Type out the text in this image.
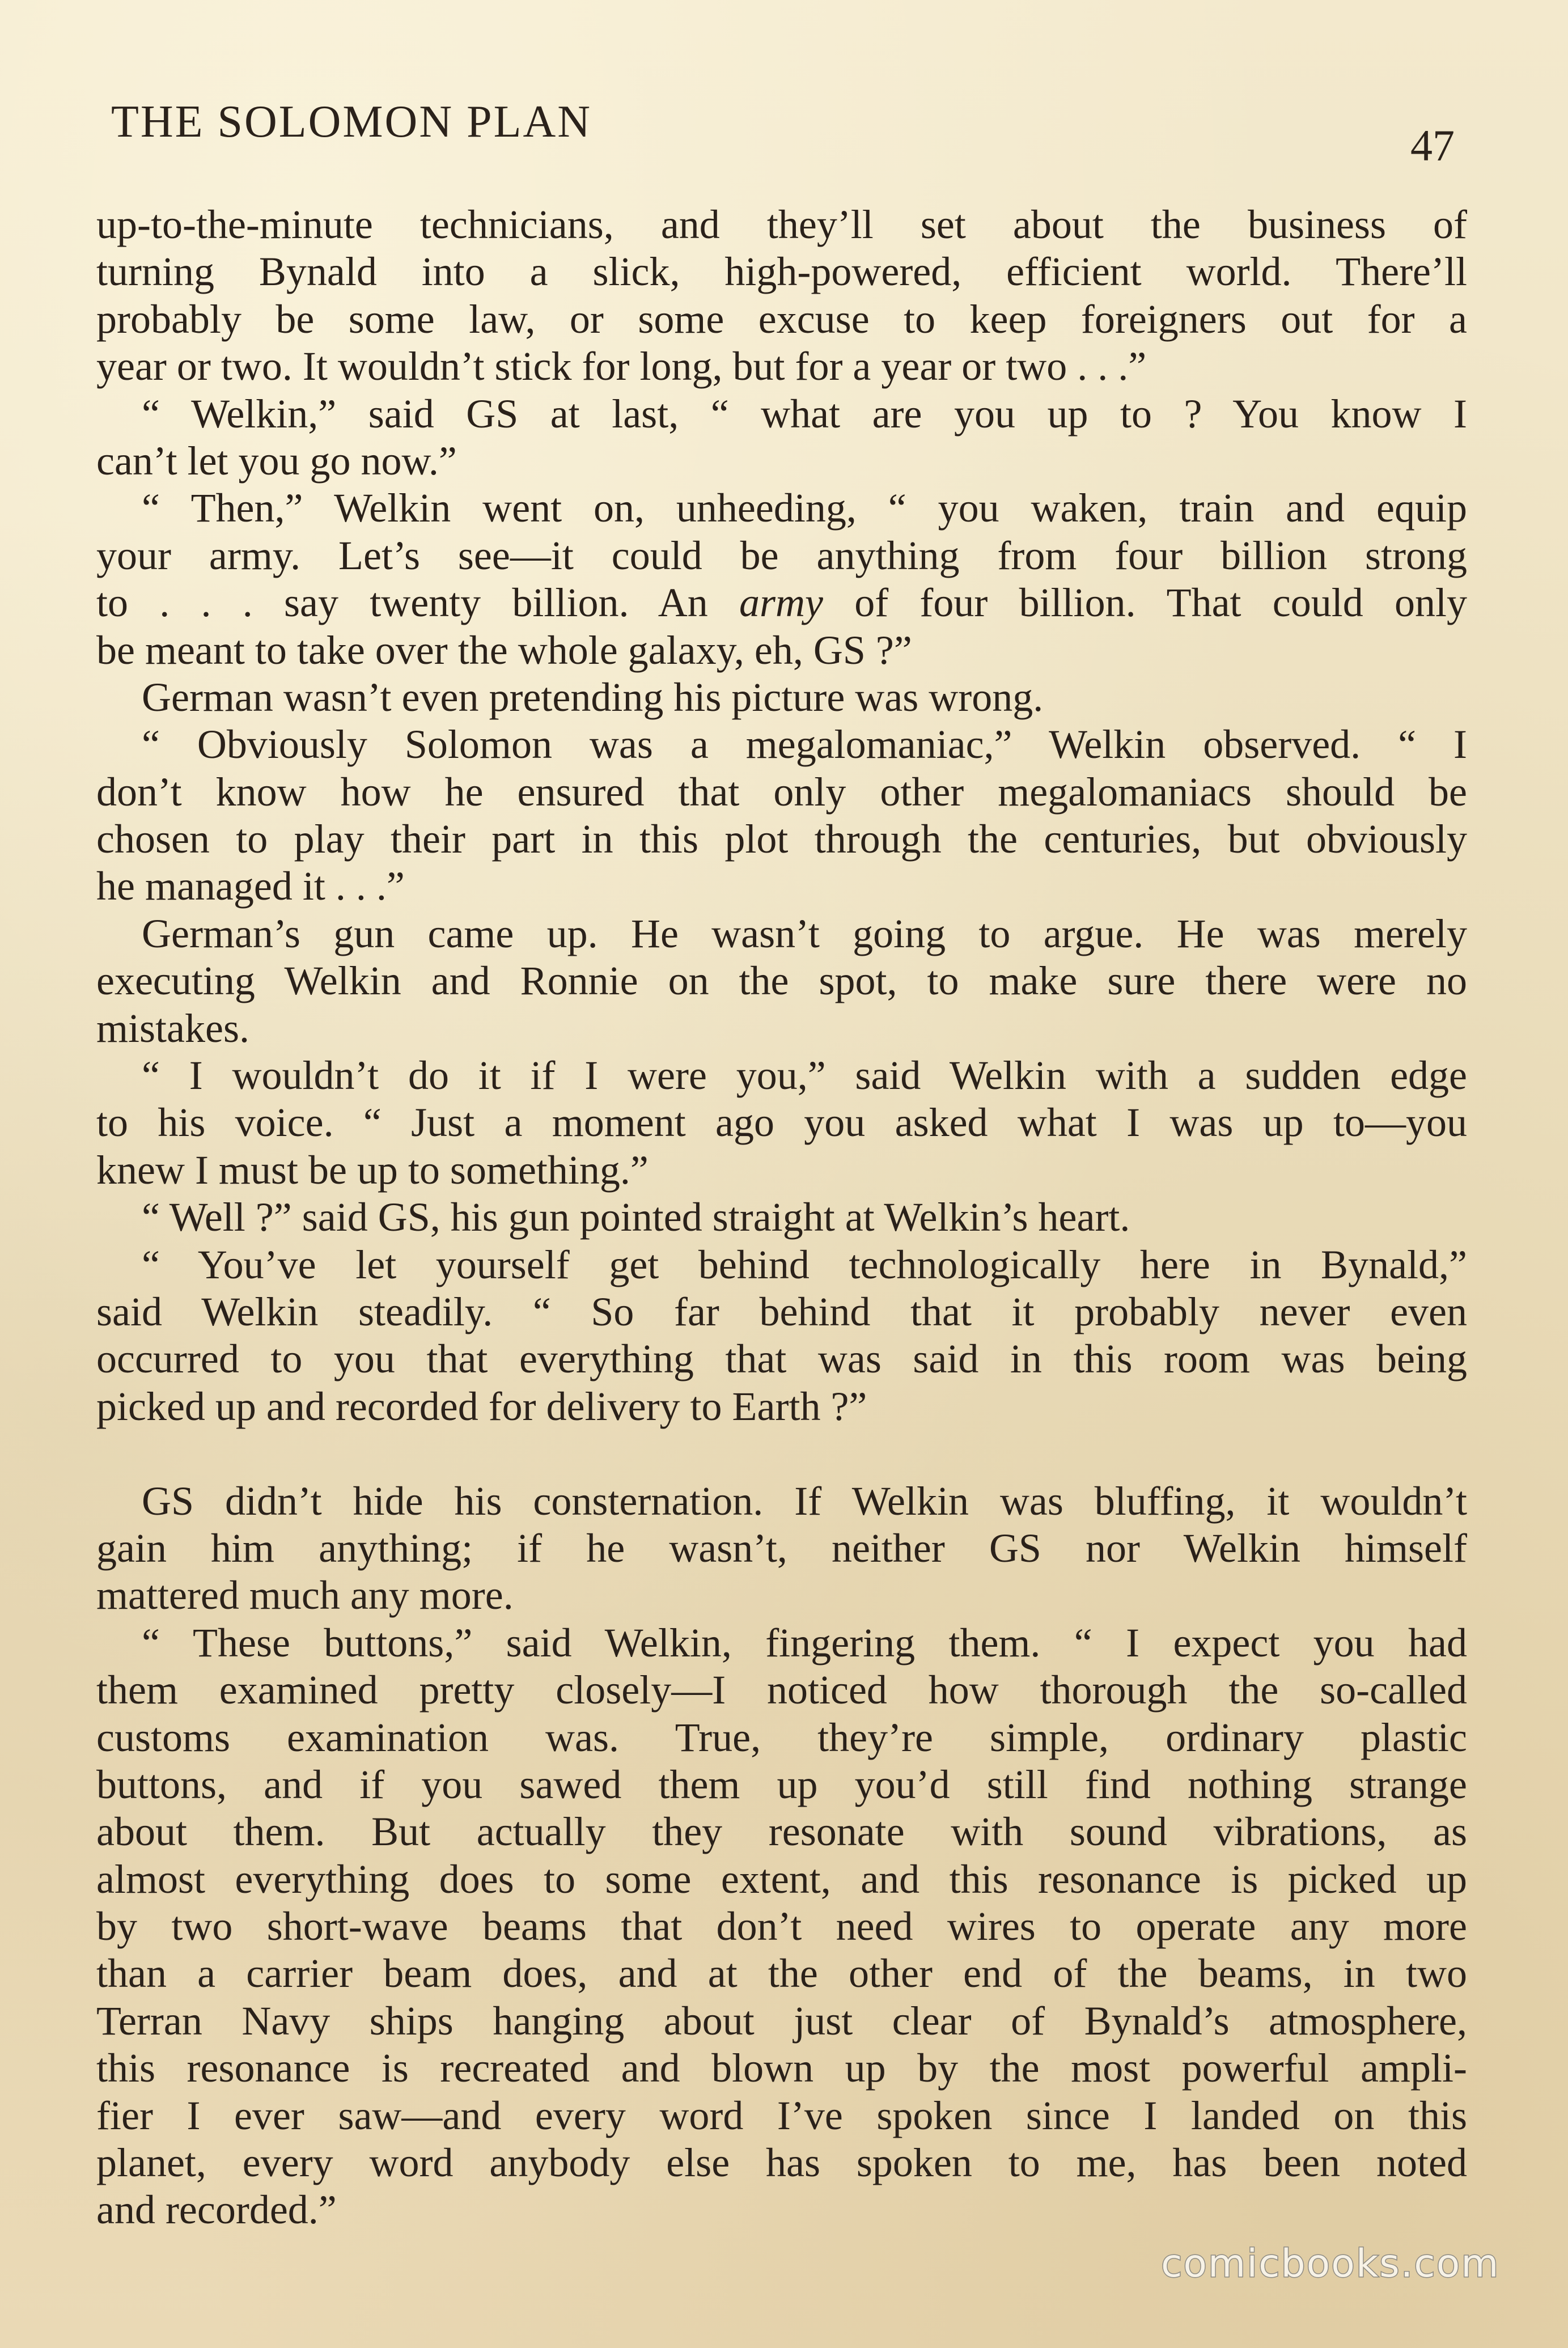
THE SOLOMON PLAN	47
up-to-the-minute technicians, and they’ll set about the business of
turning Bynald into a slick, high-powered, efficient world. There’ll
probably be some law, or some excuse to keep foreigners out for a
year or two. It wouldn’t stick for long, but for a year or two . . .”
“ Welkin,” said GS at last, “ what are you up to ? You know I
can’t let you go now.”
“ Then,” Welkin went on, unheeding, “ you waken, train and equip
your army. Let’s see—it could be anything from four billion strong
to . . . say twenty billion. An army of four billion. That could only
be meant to take over the whole galaxy, eh, GS ?”
German wasn’t even pretending his picture was wrong.
“ Obviously Solomon was a megalomaniac,” Welkin observed. “ I
don’t know how he ensured that only other megalomaniacs should be
chosen to play their part in this plot through the centuries, but obviously
he managed it . . .”
German’s gun came up. He wasn’t going to argue. He was merely
executing Welkin and Ronnie on the spot, to make sure there were no
mistakes.
“ I wouldn’t do it if I were you,” said Welkin with a sudden edge
to his voice. “ Just a moment ago you asked what I was up to—you
knew I must be up to something.”
“ Well ?” said GS, his gun pointed straight at Welkin’s heart.
“ You’ve let yourself get behind technologically here in Bynald,”
said Welkin steadily. “ So far behind that it probably never even
occurred to you that everything that was said in this room was being
picked up and recorded for delivery to Earth ?”
GS didn’t hide his consternation. If Welkin was bluffing, it wouldn’t
gain him anything; if he wasn’t, neither GS nor Welkin himself
mattered much any more.
“ These buttons,” said Welkin, fingering them. “ I expect you had
them examined pretty closely—I noticed how thorough the so-called
customs examination was. True, they’re simple, ordinary plastic
buttons, and if you sawed them up you’d still find nothing strange
about them. But actually they resonate with sound vibrations, as
almost everything does to some extent, and this resonance is picked up
by two short-wave beams that don’t need wires to operate any more
than a carrier beam does, and at the other end of the beams, in two
Terran Navy ships hanging about just clear of Bynald’s atmosphere,
this resonance is recreated and blown up by the most powerful ampli-
fier I ever saw—and every word I’ve spoken since I landed on this
planet, every word anybody else has spoken to me, has been noted
and recorded.”
comicbooks.com
